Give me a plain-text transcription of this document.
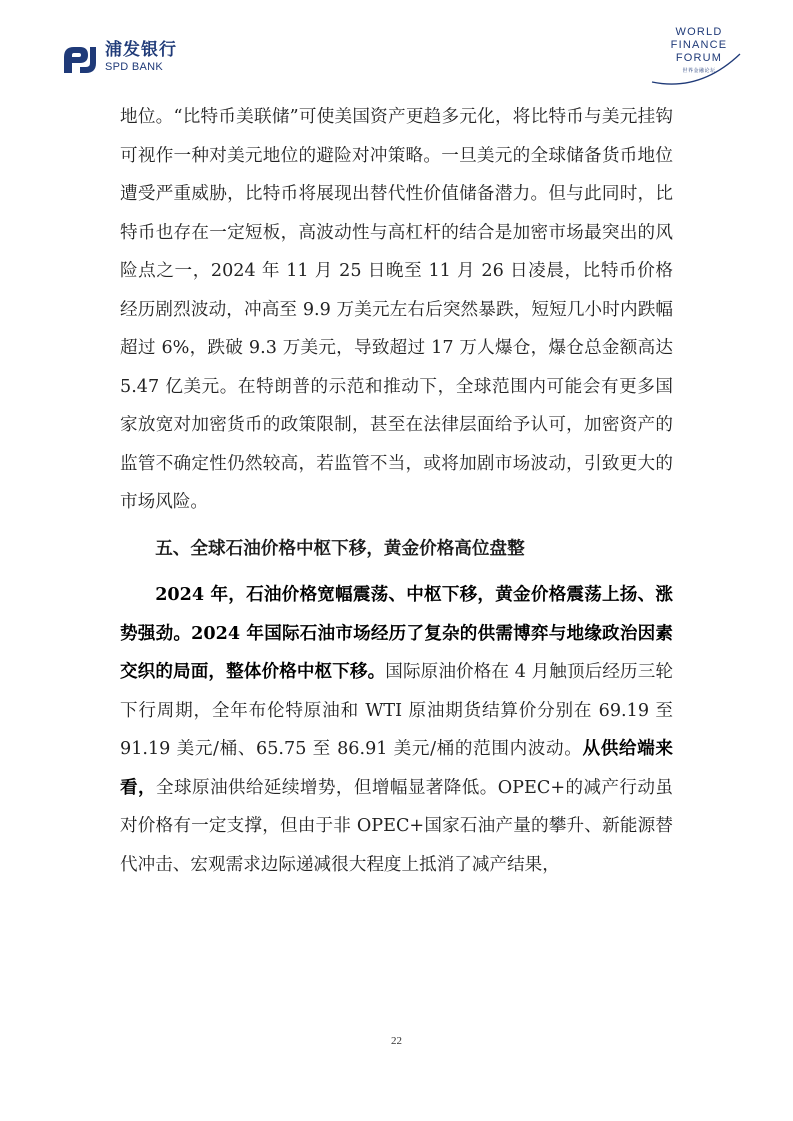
浦发银行
SPD BANK
WORLD
FINANCE
FORUM
世界金融论坛

地位。“比特币美联储”可使美国资产更趋多元化，将比特币与美元挂钩可视作一种对美元地位的避险对冲策略。一旦美元的全球储备货币地位遭受严重威胁，比特币将展现出替代性价值储备潜力。但与此同时，比特币也存在一定短板，高波动性与高杠杆的结合是加密市场最突出的风险点之一，2024 年 11 月 25 日晚至 11 月 26 日凌晨，比特币价格经历剧烈波动，冲高至 9.9 万美元左右后突然暴跌，短短几小时内跌幅超过 6%，跌破 9.3 万美元，导致超过 17 万人爆仓，爆仓总金额高达 5.47 亿美元。在特朗普的示范和推动下，全球范围内可能会有更多国家放宽对加密货币的政策限制，甚至在法律层面给予认可，加密资产的监管不确定性仍然较高，若监管不当，或将加剧市场波动，引致更大的市场风险。

五、全球石油价格中枢下移，黄金价格高位盘整

2024 年，石油价格宽幅震荡、中枢下移，黄金价格震荡上扬、涨势强劲。2024 年国际石油市场经历了复杂的供需博弈与地缘政治因素交织的局面，整体价格中枢下移。国际原油价格在 4 月触顶后经历三轮下行周期，全年布伦特原油和 WTI 原油期货结算价分别在 69.19 至 91.19 美元/桶、65.75 至 86.91 美元/桶的范围内波动。从供给端来看，全球原油供给延续增势，但增幅显著降低。OPEC+的减产行动虽对价格有一定支撑，但由于非 OPEC+国家石油产量的攀升、新能源替代冲击、宏观需求边际递减很大程度上抵消了减产结果，

22
